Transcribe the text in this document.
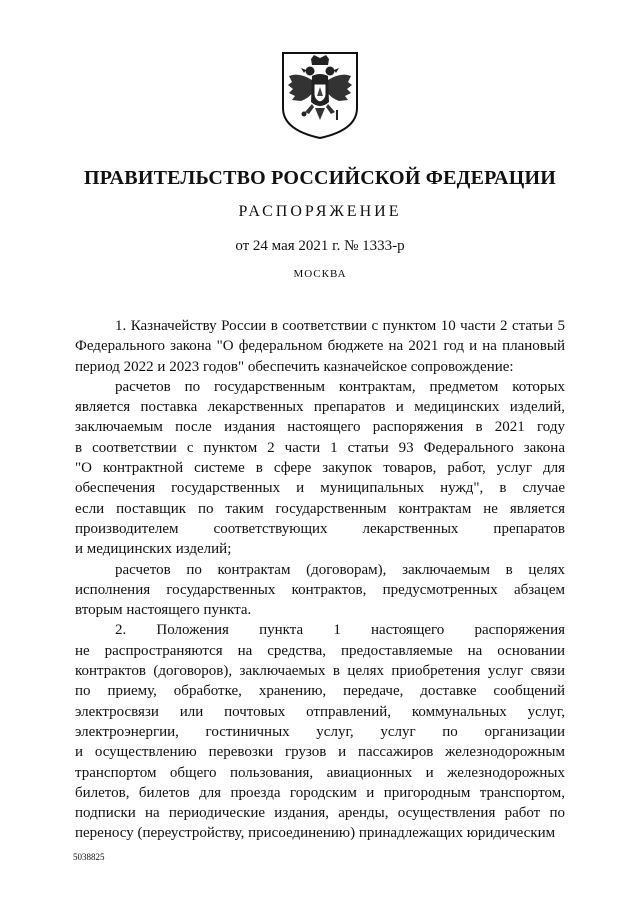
ПРАВИТЕЛЬСТВО РОССИЙСКОЙ ФЕДЕРАЦИИ
РАСПОРЯЖЕНИЕ
от 24 мая 2021 г. № 1333-р
МОСКВА

1. Казначейству России в соответствии с пунктом 10 части 2 статьи 5

Федерального закона "О федеральном бюджете на 2021 год и на плановый

период 2022 и 2023 годов" обеспечить казначейское сопровождение:

расчетов по государственным контрактам, предметом которых

является поставка лекарственных препаратов и медицинских изделий,

заключаемым после издания настоящего распоряжения в 2021 году

в соответствии с пунктом 2 части 1 статьи 93 Федерального закона

"О контрактной системе в сфере закупок товаров, работ, услуг для

обеспечения государственных и муниципальных нужд", в случае

если поставщик по таким государственным контрактам не является

производителем соответствующих лекарственных препаратов

и медицинских изделий;

расчетов по контрактам (договорам), заключаемым в целях

исполнения государственных контрактов, предусмотренных абзацем

вторым настоящего пункта.

2. Положения пункта 1 настоящего распоряжения

не распространяются на средства, предоставляемые на основании

контрактов (договоров), заключаемых в целях приобретения услуг связи

по приему, обработке, хранению, передаче, доставке сообщений

электросвязи или почтовых отправлений, коммунальных услуг,

электроэнергии, гостиничных услуг, услуг по организации

и осуществлению перевозки грузов и пассажиров железнодорожным

транспортом общего пользования, авиационных и железнодорожных

билетов, билетов для проезда городским и пригородным транспортом,

подписки на периодические издания, аренды, осуществления работ по

переносу (переустройству, присоединению) принадлежащих юридическим

5038825
